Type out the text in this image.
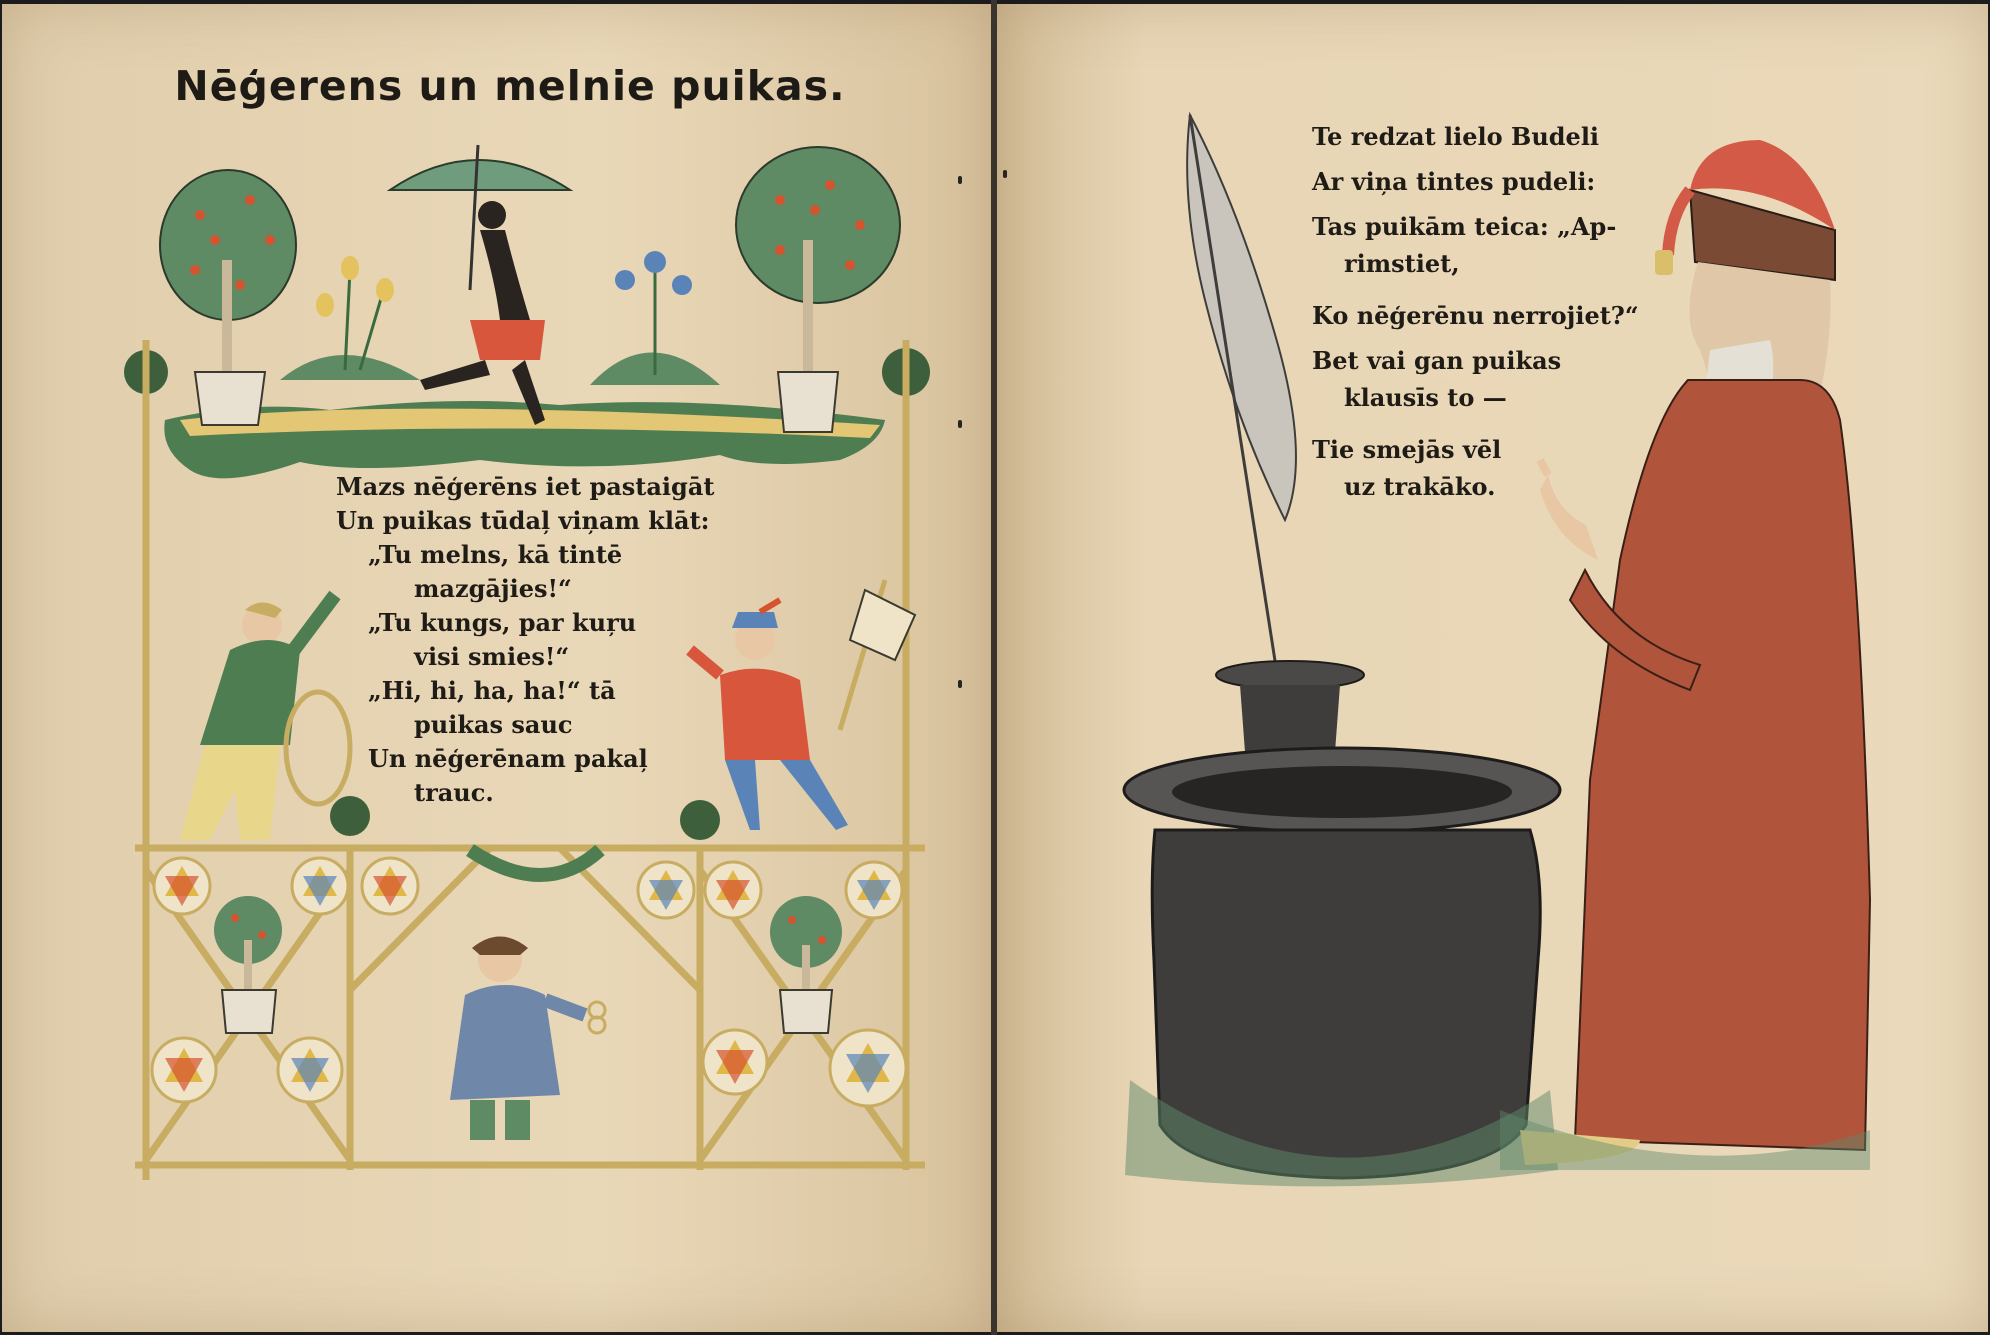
Nēģerens un melnie puikas.
Mazs nēģerēns iet pastaigāt
Un puikas tūdaļ viņam klāt:
„Tu melns, kā tintē
mazgājies!“
„Tu kungs, par kuŗu
visi smies!“
„Hi, hi, ha, ha!“ tā
puikas sauc
Un nēģerēnam pakaļ
trauc.
Te redzat lielo Budeli
Ar viņa tintes pudeli:
Tas puikām teica: „Ap-
rimstiet,
Ko nēģerēnu nerrojiet?“
Bet vai gan puikas
klausīs to —
Tie smejās vēl
uz trakāko.
